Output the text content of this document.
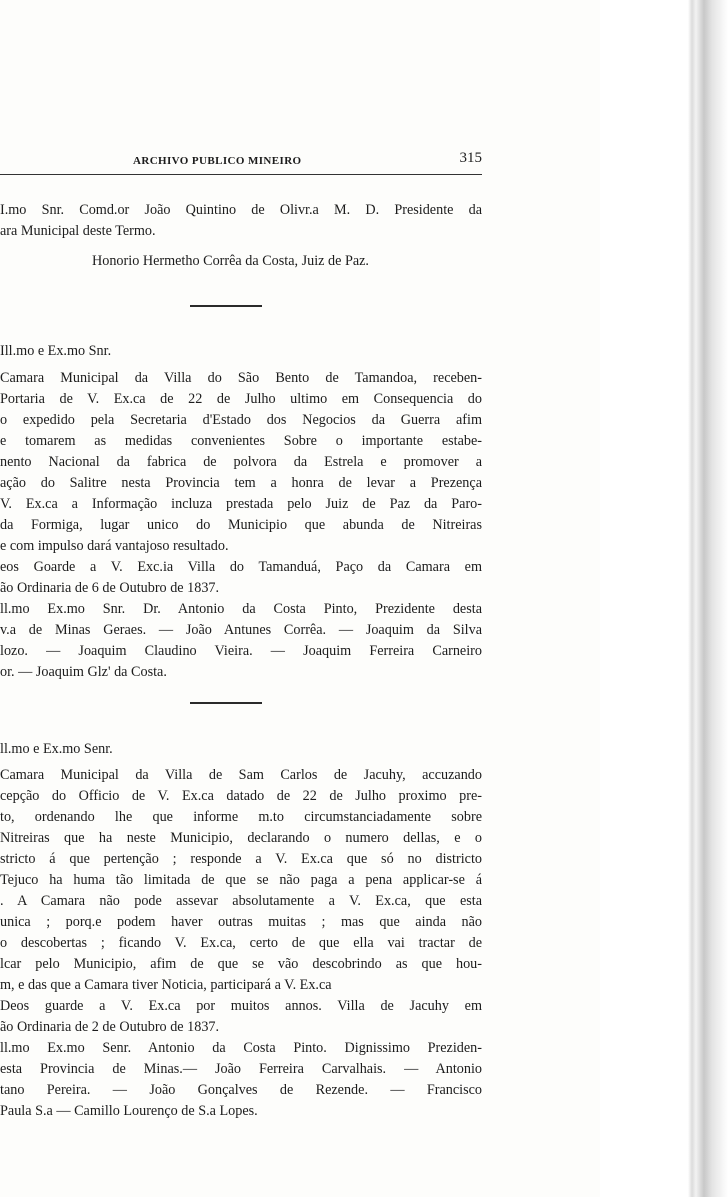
ARCHIVO PUBLICO MINEIRO	315
I.mo Snr. Comd.or João Quintino de Olivr.a M. D. Presidente da
ara Municipal deste Termo.
Honorio Hermetho Corrêa da Costa, Juiz de Paz.
Ill.mo e Ex.mo Snr.
Camara Municipal da Villa do São Bento de Tamandoa, receben-
Portaria de V. Ex.ca de 22 de Julho ultimo em Consequencia do
o expedido pela Secretaria d'Estado dos Negocios da Guerra afim
e tomarem as medidas convenientes Sobre o importante estabe-
nento Nacional da fabrica de polvora da Estrela e promover a
ação do Salitre nesta Provincia tem a honra de levar a Prezença
V. Ex.ca a Informação incluza prestada pelo Juiz de Paz da Paro-
da Formiga, lugar unico do Municipio que abunda de Nitreiras
e com impulso dará vantajoso resultado.
eos Goarde a V. Exc.ia Villa do Tamanduá, Paço da Camara em
ão Ordinaria de 6 de Outubro de 1837.
ll.mo Ex.mo Snr. Dr. Antonio da Costa Pinto, Prezidente desta
v.a de Minas Geraes. — João Antunes Corrêa. — Joaquim da Silva
lozo. — Joaquim Claudino Vieira. — Joaquim Ferreira Carneiro
or. — Joaquim Glz' da Costa.
ll.mo e Ex.mo Senr.
Camara Municipal da Villa de Sam Carlos de Jacuhy, accuzando
cepção do Officio de V. Ex.ca datado de 22 de Julho proximo pre-
to, ordenando lhe que informe m.to circumstanciadamente sobre
Nitreiras que ha neste Municipio, declarando o numero dellas, e o
stricto á que pertenção ; responde a V. Ex.ca que só no districto
Tejuco ha huma tão limitada de que se não paga a pena applicar-se á
. A Camara não pode assevar absolutamente a V. Ex.ca, que esta
unica ; porq.e podem haver outras muitas ; mas que ainda não
o descobertas ; ficando V. Ex.ca, certo de que ella vai tractar de
lcar pelo Municipio, afim de que se vão descobrindo as que hou-
m, e das que a Camara tiver Noticia, participará a V. Ex.ca
Deos guarde a V. Ex.ca por muitos annos. Villa de Jacuhy em
ão Ordinaria de 2 de Outubro de 1837.
ll.mo Ex.mo Senr. Antonio da Costa Pinto. Dignissimo Preziden-
esta Provincia de Minas.— João Ferreira Carvalhais. — Antonio
tano Pereira. — João Gonçalves de Rezende. — Francisco
Paula S.a — Camillo Lourenço de S.a Lopes.
